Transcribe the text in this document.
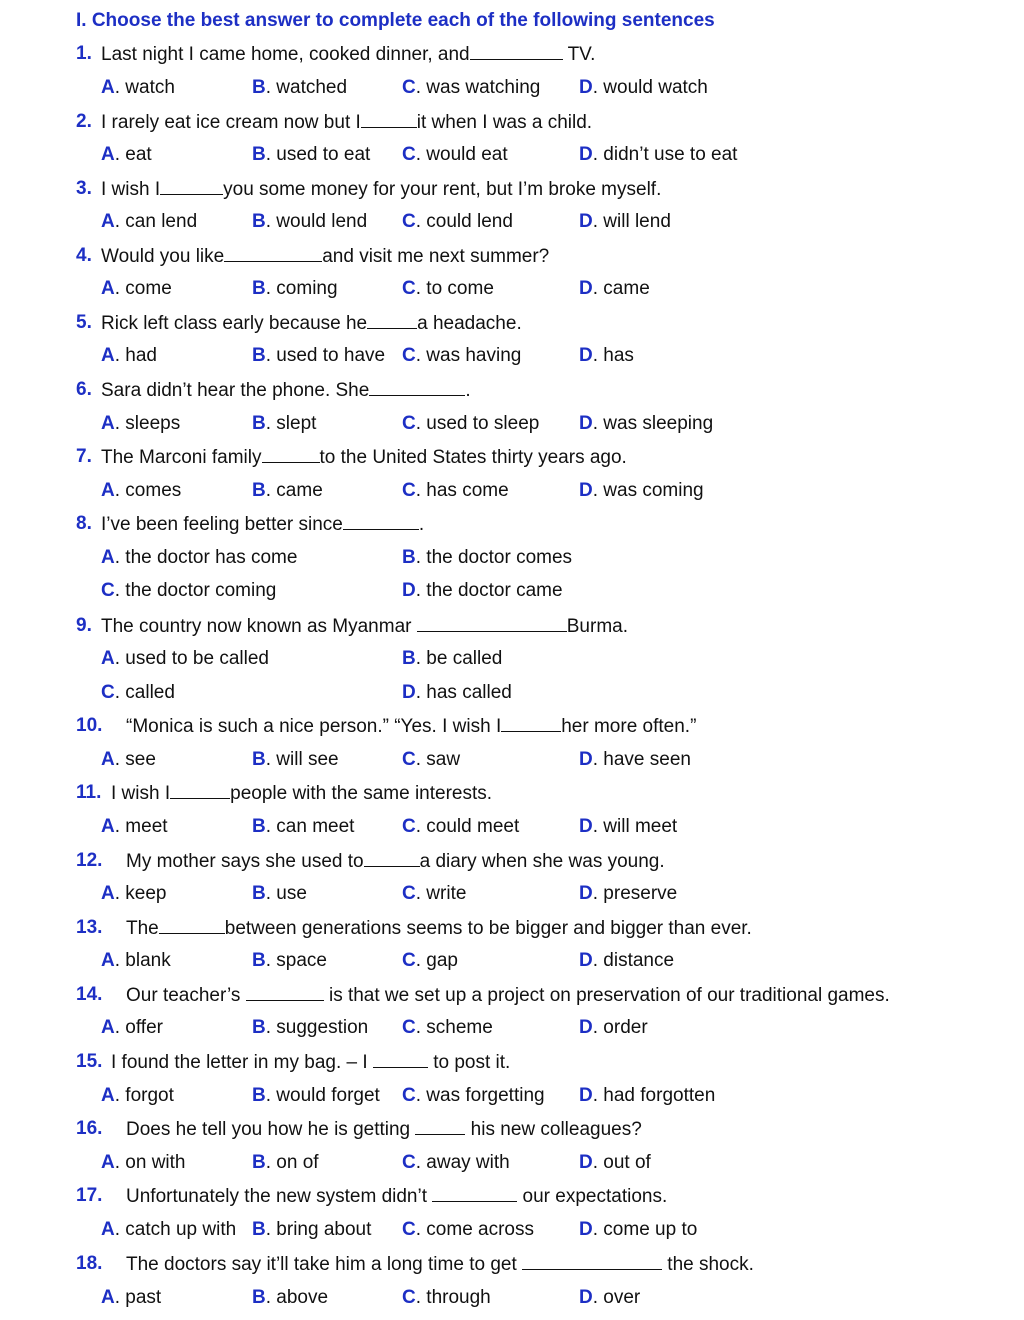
I. Choose the best answer to complete each of the following sentences
1. Last night I came home, cooked dinner, and	TV.
A. watch	B. watched	C. was watching D. would watch
2. I rarely eat ice cream now but I	it when I was a child.
A. eat	B. used to eat C. would eat	D. didn’t use to eat
3. I wish I	you some money for your rent, but I’m broke myself.
A. can lend	B. would lend C. could lend	D. will lend
4. Would you like	and visit me next summer?
A. come	B. coming	C. to come	D. came
5. Rick left class early because he	a headache.
A. had	B. used to have C. was having	D. has
6. Sara didn’t hear the phone. She	.
A. sleeps	B. slept	C. used to sleep D. was sleeping
7. The Marconi family	to the United States thirty years ago.
A. comes	B. came	C. has come	D. was coming
8. I’ve been feeling better since	.
A. the doctor has come	B. the doctor comes
C. the doctor coming	D. the doctor came
9. The country now known as Myanmar	Burma.
A. used to be called	B. be called
C. called	D. has called
10. “Monica is such a nice person.” “Yes. I wish I	her more often.”
A. see	B. will see	C. saw	D. have seen
11. I wish I	people with the same interests.
A. meet	B. can meet	C. could meet	D. will meet
12. My mother says she used to	a diary when she was young.
A. keep	B. use	C. write	D. preserve
13. The	between generations seems to be bigger and bigger than ever.
A. blank	B. space	C. gap	D. distance
14. Our teacher’s	is that we set up a project on preservation of our traditional games.
A. offer	B. suggestion C. scheme	D. order
15. I found the letter in my bag. – I	to post it.
A. forgot	B. would forget C. was forgetting D. had forgotten
16. Does he tell you how he is getting	his new colleagues?
A. on with	B. on of	C. away with	D. out of
17. Unfortunately the new system didn’t	our expectations.
A. catch up with B. bring about C. come across D. come up to
18. The doctors say it’ll take him a long time to get	the shock.
A. past	B. above	C. through	D. over
